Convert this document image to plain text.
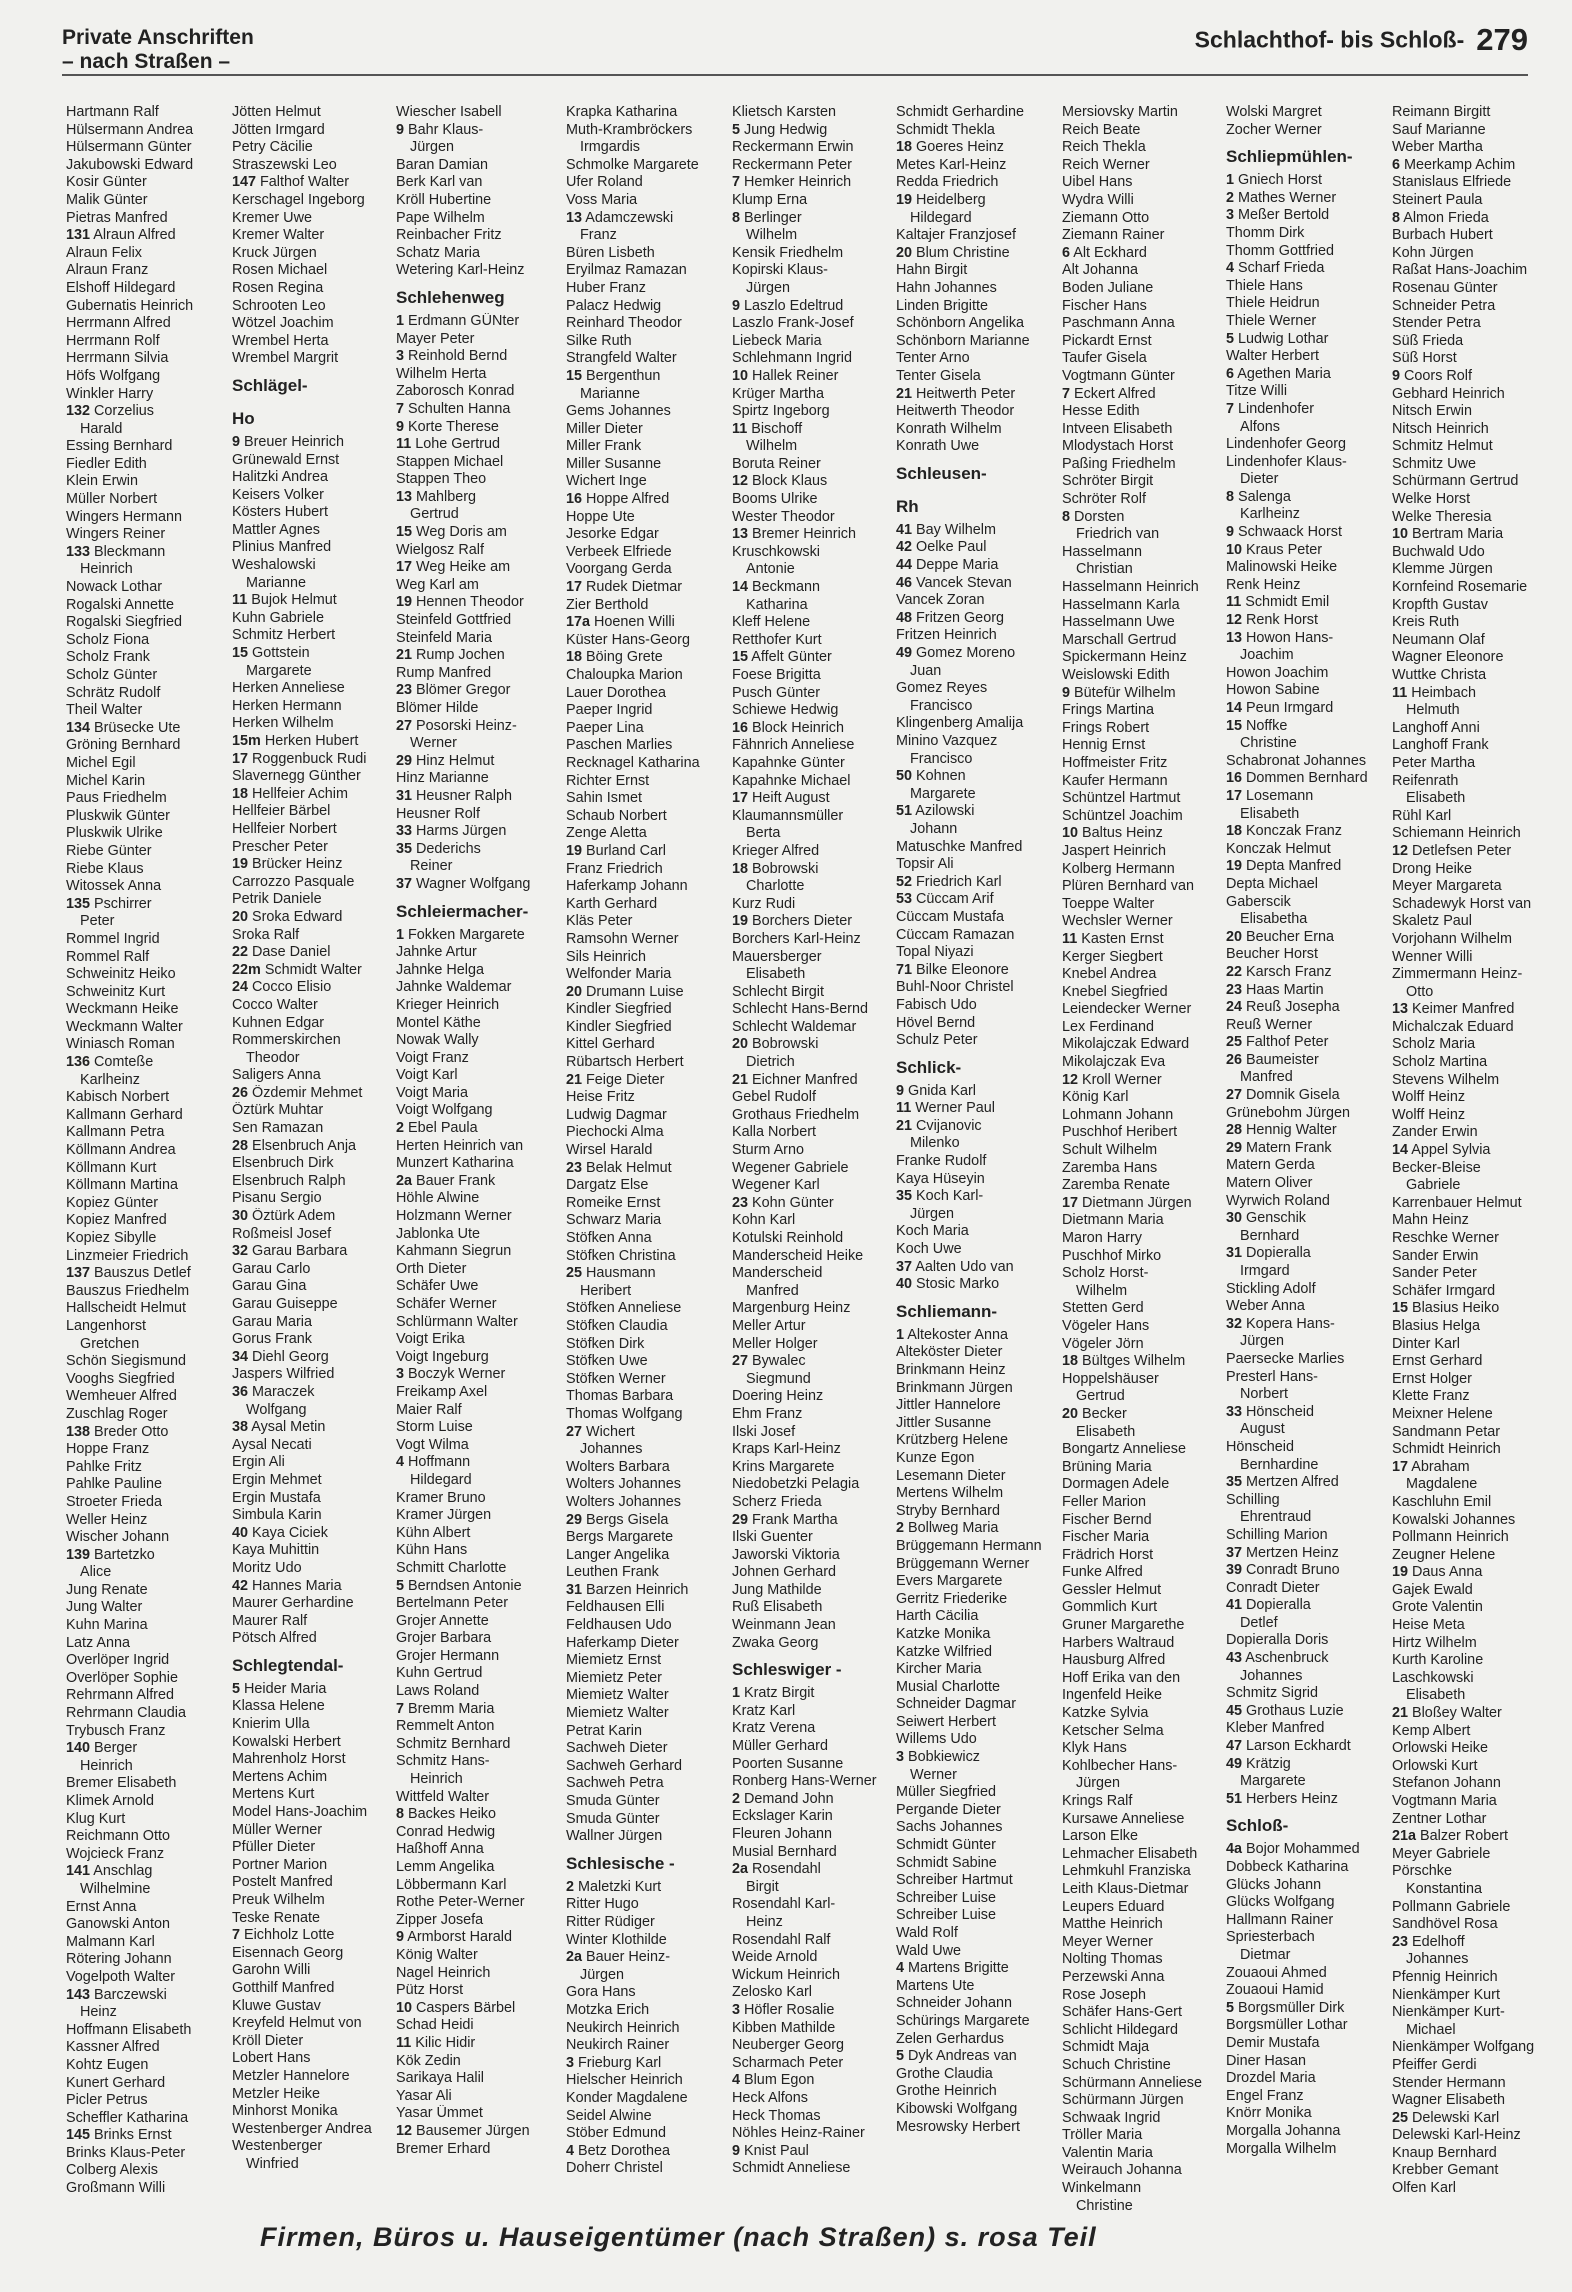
Private Anschriften
– nach Straßen –
Schlachthof- bis Schloß- 279
Hartmann Ralf
Hülsermann Andrea
Hülsermann Günter
Jakubowski Edward
Kosir Günter
Malik Günter
Pietras Manfred
131 Alraun Alfred
Alraun Felix
Alraun Franz
Elshoff Hildegard
Gubernatis Heinrich
Herrmann Alfred
Herrmann Rolf
Herrmann Silvia
Höfs Wolfgang
Winkler Harry
132 Corzelius
Harald
Essing Bernhard
Fiedler Edith
Klein Erwin
Müller Norbert
Wingers Hermann
Wingers Reiner
133 Bleckmann
Heinrich
Nowack Lothar
Rogalski Annette
Rogalski Siegfried
Scholz Fiona
Scholz Frank
Scholz Günter
Schrätz Rudolf
Theil Walter
134 Brüsecke Ute
Gröning Bernhard
Michel Egil
Michel Karin
Paus Friedhelm
Pluskwik Günter
Pluskwik Ulrike
Riebe Günter
Riebe Klaus
Witossek Anna
135 Pschirrer
Peter
Rommel Ingrid
Rommel Ralf
Schweinitz Heiko
Schweinitz Kurt
Weckmann Heike
Weckmann Walter
Winiasch Roman
136 Comteße
Karlheinz
Kabisch Norbert
Kallmann Gerhard
Kallmann Petra
Köllmann Andrea
Köllmann Kurt
Köllmann Martina
Kopiez Günter
Kopiez Manfred
Kopiez Sibylle
Linzmeier Friedrich
137 Bauszus Detlef
Bauszus Friedhelm
Hallscheidt Helmut
Langenhorst
Gretchen
Schön Siegismund
Vooghs Siegfried
Wemheuer Alfred
Zuschlag Roger
138 Breder Otto
Hoppe Franz
Pahlke Fritz
Pahlke Pauline
Stroeter Frieda
Weller Heinz
Wischer Johann
139 Bartetzko
Alice
Jung Renate
Jung Walter
Kuhn Marina
Latz Anna
Overlöper Ingrid
Overlöper Sophie
Rehrmann Alfred
Rehrmann Claudia
Trybusch Franz
140 Berger
Heinrich
Bremer Elisabeth
Klimek Arnold
Klug Kurt
Reichmann Otto
Wojcieck Franz
141 Anschlag
Wilhelmine
Ernst Anna
Ganowski Anton
Malmann Karl
Rötering Johann
Vogelpoth Walter
143 Barczewski
Heinz
Hoffmann Elisabeth
Kassner Alfred
Kohtz Eugen
Kunert Gerhard
Picler Petrus
Scheffler Katharina
145 Brinks Ernst
Brinks Klaus-Peter
Colberg Alexis
Großmann Willi
Jötten Helmut
Jötten Irmgard
Petry Cäcilie
Straszewski Leo
147 Falthof Walter
Kerschagel Ingeborg
Kremer Uwe
Kremer Walter
Kruck Jürgen
Rosen Michael
Rosen Regina
Schrooten Leo
Wötzel Joachim
Wrembel Herta
Wrembel Margrit
Schlägel-
Ho
9 Breuer Heinrich
Grünewald Ernst
Halitzki Andrea
Keisers Volker
Kösters Hubert
Mattler Agnes
Plinius Manfred
Weshalowski
Marianne
11 Bujok Helmut
Kuhn Gabriele
Schmitz Herbert
15 Gottstein
Margarete
Herken Anneliese
Herken Hermann
Herken Wilhelm
15m Herken Hubert
17 Roggenbuck Rudi
Slavernegg Günther
18 Hellfeier Achim
Hellfeier Bärbel
Hellfeier Norbert
Prescher Peter
19 Brücker Heinz
Carrozzo Pasquale
Petrik Daniele
20 Sroka Edward
Sroka Ralf
22 Dase Daniel
22m Schmidt Walter
24 Cocco Elisio
Cocco Walter
Kuhnen Edgar
Rommerskirchen
Theodor
Saligers Anna
26 Özdemir Mehmet
Öztürk Muhtar
Sen Ramazan
28 Elsenbruch Anja
Elsenbruch Dirk
Elsenbruch Ralph
Pisanu Sergio
30 Öztürk Adem
Roßmeisl Josef
32 Garau Barbara
Garau Carlo
Garau Gina
Garau Guiseppe
Garau Maria
Gorus Frank
34 Diehl Georg
Jaspers Wilfried
36 Maraczek
Wolfgang
38 Aysal Metin
Aysal Necati
Ergin Ali
Ergin Mehmet
Ergin Mustafa
Simbula Karin
40 Kaya Ciciek
Kaya Muhittin
Moritz Udo
42 Hannes Maria
Maurer Gerhardine
Maurer Ralf
Pötsch Alfred
Schlegtendal-
5 Heider Maria
Klassa Helene
Knierim Ulla
Kowalski Herbert
Mahrenholz Horst
Mertens Achim
Mertens Kurt
Model Hans-Joachim
Müller Werner
Pfüller Dieter
Portner Marion
Postelt Manfred
Preuk Wilhelm
Teske Renate
7 Eichholz Lotte
Eisennach Georg
Garohn Willi
Gotthilf Manfred
Kluwe Gustav
Kreyfeld Helmut von
Kröll Dieter
Lobert Hans
Metzler Hannelore
Metzler Heike
Minhorst Monika
Westenberger Andrea
Westenberger
Winfried
Wiescher Isabell
9 Bahr Klaus-
Jürgen
Baran Damian
Berk Karl van
Kröll Hubertine
Pape Wilhelm
Reinbacher Fritz
Schatz Maria
Wetering Karl-Heinz
Schlehenweg
1 Erdmann GÜNter
Mayer Peter
3 Reinhold Bernd
Wilhelm Herta
Zaborosch Konrad
7 Schulten Hanna
9 Korte Therese
11 Lohe Gertrud
Stappen Michael
Stappen Theo
13 Mahlberg
Gertrud
15 Weg Doris am
Wielgosz Ralf
17 Weg Heike am
Weg Karl am
19 Hennen Theodor
Steinfeld Gottfried
Steinfeld Maria
21 Rump Jochen
Rump Manfred
23 Blömer Gregor
Blömer Hilde
27 Posorski Heinz-
Werner
29 Hinz Helmut
Hinz Marianne
31 Heusner Ralph
Heusner Rolf
33 Harms Jürgen
35 Dederichs
Reiner
37 Wagner Wolfgang
Schleiermacher-
1 Fokken Margarete
Jahnke Artur
Jahnke Helga
Jahnke Waldemar
Krieger Heinrich
Montel Käthe
Nowak Wally
Voigt Franz
Voigt Karl
Voigt Maria
Voigt Wolfgang
2 Ebel Paula
Herten Heinrich van
Munzert Katharina
2a Bauer Frank
Höhle Alwine
Holzmann Werner
Jablonka Ute
Kahmann Siegrun
Orth Dieter
Schäfer Uwe
Schäfer Werner
Schlürmann Walter
Voigt Erika
Voigt Ingeburg
3 Boczyk Werner
Freikamp Axel
Maier Ralf
Storm Luise
Vogt Wilma
4 Hoffmann
Hildegard
Kramer Bruno
Kramer Jürgen
Kühn Albert
Kühn Hans
Schmitt Charlotte
5 Berndsen Antonie
Bertelmann Peter
Grojer Annette
Grojer Barbara
Grojer Hermann
Kuhn Gertrud
Laws Roland
7 Bremm Maria
Remmelt Anton
Schmitz Bernhard
Schmitz Hans-
Heinrich
Wittfeld Walter
8 Backes Heiko
Conrad Hedwig
Haßhoff Anna
Lemm Angelika
Löbbermann Karl
Rothe Peter-Werner
Zipper Josefa
9 Armborst Harald
König Walter
Nagel Heinrich
Pütz Horst
10 Caspers Bärbel
Schad Heidi
11 Kilic Hidir
Kök Zedin
Sarikaya Halil
Yasar Ali
Yasar Ümmet
12 Bausemer Jürgen
Bremer Erhard
Krapka Katharina
Muth-Krambröckers
Irmgardis
Schmolke Margarete
Ufer Roland
Voss Maria
13 Adamczewski
Franz
Büren Lisbeth
Eryilmaz Ramazan
Huber Franz
Palacz Hedwig
Reinhard Theodor
Silke Ruth
Strangfeld Walter
15 Bergenthun
Marianne
Gems Johannes
Miller Dieter
Miller Frank
Miller Susanne
Wichert Inge
16 Hoppe Alfred
Hoppe Ute
Jesorke Edgar
Verbeek Elfriede
Voorgang Gerda
17 Rudek Dietmar
Zier Berthold
17a Hoenen Willi
Küster Hans-Georg
18 Böing Grete
Chaloupka Marion
Lauer Dorothea
Paeper Ingrid
Paeper Lina
Paschen Marlies
Recknagel Katharina
Richter Ernst
Sahin Ismet
Schaub Norbert
Zenge Aletta
19 Burland Carl
Franz Friedrich
Haferkamp Johann
Karth Gerhard
Kläs Peter
Ramsohn Werner
Sils Heinrich
Welfonder Maria
20 Drumann Luise
Kindler Siegfried
Kindler Siegfried
Kittel Gerhard
Rübartsch Herbert
21 Feige Dieter
Heise Fritz
Ludwig Dagmar
Piechocki Alma
Wirsel Harald
23 Belak Helmut
Dargatz Else
Romeike Ernst
Schwarz Maria
Stöfken Anna
Stöfken Christina
25 Hausmann
Heribert
Stöfken Anneliese
Stöfken Claudia
Stöfken Dirk
Stöfken Uwe
Stöfken Werner
Thomas Barbara
Thomas Wolfgang
27 Wichert
Johannes
Wolters Barbara
Wolters Johannes
Wolters Johannes
29 Bergs Gisela
Bergs Margarete
Langer Angelika
Leuthen Frank
31 Barzen Heinrich
Feldhausen Elli
Feldhausen Udo
Haferkamp Dieter
Miemietz Ernst
Miemietz Peter
Miemietz Walter
Miemietz Walter
Petrat Karin
Sachweh Dieter
Sachweh Gerhard
Sachweh Petra
Smuda Günter
Smuda Günter
Wallner Jürgen
Schlesische -
2 Maletzki Kurt
Ritter Hugo
Ritter Rüdiger
Winter Klothilde
2a Bauer Heinz-
Jürgen
Gora Hans
Motzka Erich
Neukirch Heinrich
Neukirch Rainer
3 Frieburg Karl
Hielscher Heinrich
Konder Magdalene
Seidel Alwine
Stöber Edmund
4 Betz Dorothea
Doherr Christel
Klietsch Karsten
5 Jung Hedwig
Reckermann Erwin
Reckermann Peter
7 Hemker Heinrich
Klump Erna
8 Berlinger
Wilhelm
Kensik Friedhelm
Kopirski Klaus-
Jürgen
9 Laszlo Edeltrud
Laszlo Frank-Josef
Liebeck Maria
Schlehmann Ingrid
10 Hallek Reiner
Krüger Martha
Spirtz Ingeborg
11 Bischoff
Wilhelm
Boruta Reiner
12 Block Klaus
Booms Ulrike
Wester Theodor
13 Bremer Heinrich
Kruschkowski
Antonie
14 Beckmann
Katharina
Kleff Helene
Retthofer Kurt
15 Affelt Günter
Foese Brigitta
Pusch Günter
Schiewe Hedwig
16 Block Heinrich
Fähnrich Anneliese
Kapahnke Günter
Kapahnke Michael
17 Heift August
Klaumannsmüller
Berta
Krieger Alfred
18 Bobrowski
Charlotte
Kurz Rudi
19 Borchers Dieter
Borchers Karl-Heinz
Mauersberger
Elisabeth
Schlecht Birgit
Schlecht Hans-Bernd
Schlecht Waldemar
20 Bobrowski
Dietrich
21 Eichner Manfred
Gebel Rudolf
Grothaus Friedhelm
Kalla Norbert
Sturm Arno
Wegener Gabriele
Wegener Karl
23 Kohn Günter
Kohn Karl
Kotulski Reinhold
Manderscheid Heike
Manderscheid
Manfred
Margenburg Heinz
Meller Artur
Meller Holger
27 Bywalec
Siegmund
Doering Heinz
Ehm Franz
Ilski Josef
Kraps Karl-Heinz
Krins Margarete
Niedobetzki Pelagia
Scherz Frieda
29 Frank Martha
Ilski Guenter
Jaworski Viktoria
Johnen Gerhard
Jung Mathilde
Ruß Elisabeth
Weinmann Jean
Zwaka Georg
Schleswiger -
1 Kratz Birgit
Kratz Karl
Kratz Verena
Müller Gerhard
Poorten Susanne
Ronberg Hans-Werner
2 Demand John
Eckslager Karin
Fleuren Johann
Musial Bernhard
2a Rosendahl
Birgit
Rosendahl Karl-
Heinz
Rosendahl Ralf
Weide Arnold
Wickum Heinrich
Zelosko Karl
3 Höfler Rosalie
Kibben Mathilde
Neuberger Georg
Scharmach Peter
4 Blum Egon
Heck Alfons
Heck Thomas
Nöhles Heinz-Rainer
9 Knist Paul
Schmidt Anneliese
Schmidt Gerhardine
Schmidt Thekla
18 Goeres Heinz
Metes Karl-Heinz
Redda Friedrich
19 Heidelberg
Hildegard
Kaltajer Franzjosef
20 Blum Christine
Hahn Birgit
Hahn Johannes
Linden Brigitte
Schönborn Angelika
Schönborn Marianne
Tenter Arno
Tenter Gisela
21 Heitwerth Peter
Heitwerth Theodor
Konrath Wilhelm
Konrath Uwe
Schleusen-
Rh
41 Bay Wilhelm
42 Oelke Paul
44 Deppe Maria
46 Vancek Stevan
Vancek Zoran
48 Fritzen Georg
Fritzen Heinrich
49 Gomez Moreno
Juan
Gomez Reyes
Francisco
Klingenberg Amalija
Minino Vazquez
Francisco
50 Kohnen
Margarete
51 Azilowski
Johann
Matuschke Manfred
Topsir Ali
52 Friedrich Karl
53 Cüccam Arif
Cüccam Mustafa
Cüccam Ramazan
Topal Niyazi
71 Bilke Eleonore
Buhl-Noor Christel
Fabisch Udo
Hövel Bernd
Schulz Peter
Schlick-
9 Gnida Karl
11 Werner Paul
21 Cvijanovic
Milenko
Franke Rudolf
Kaya Hüseyin
35 Koch Karl-
Jürgen
Koch Maria
Koch Uwe
37 Aalten Udo van
40 Stosic Marko
Schliemann-
1 Altekoster Anna
Alteköster Dieter
Brinkmann Heinz
Brinkmann Jürgen
Jittler Hannelore
Jittler Susanne
Krützberg Helene
Kunze Egon
Lesemann Dieter
Mertens Wilhelm
Stryby Bernhard
2 Bollweg Maria
Brüggemann Hermann
Brüggemann Werner
Evers Margarete
Gerritz Friederike
Harth Cäcilia
Katzke Monika
Katzke Wilfried
Kircher Maria
Musial Charlotte
Schneider Dagmar
Seiwert Herbert
Willems Udo
3 Bobkiewicz
Werner
Müller Siegfried
Pergande Dieter
Sachs Johannes
Schmidt Günter
Schmidt Sabine
Schreiber Hartmut
Schreiber Luise
Schreiber Luise
Wald Rolf
Wald Uwe
4 Martens Brigitte
Martens Ute
Schneider Johann
Schürings Margarete
Zelen Gerhardus
5 Dyk Andreas van
Grothe Claudia
Grothe Heinrich
Kibowski Wolfgang
Mesrowsky Herbert
Mersiovsky Martin
Reich Beate
Reich Thekla
Reich Werner
Uibel Hans
Wydra Willi
Ziemann Otto
Ziemann Rainer
6 Alt Eckhard
Alt Johanna
Boden Juliane
Fischer Hans
Paschmann Anna
Pickardt Ernst
Taufer Gisela
Vogtmann Günter
7 Eckert Alfred
Hesse Edith
Intveen Elisabeth
Mlodystach Horst
Paßing Friedhelm
Schröter Birgit
Schröter Rolf
8 Dorsten
Friedrich van
Hasselmann
Christian
Hasselmann Heinrich
Hasselmann Karla
Hasselmann Uwe
Marschall Gertrud
Spickermann Heinz
Weislowski Edith
9 Bütefür Wilhelm
Frings Martina
Frings Robert
Hennig Ernst
Hoffmeister Fritz
Kaufer Hermann
Schüntzel Hartmut
Schüntzel Joachim
10 Baltus Heinz
Jaspert Heinrich
Kolberg Hermann
Plüren Bernhard van
Toeppe Walter
Wechsler Werner
11 Kasten Ernst
Kerger Siegbert
Knebel Andrea
Knebel Siegfried
Leiendecker Werner
Lex Ferdinand
Mikolajczak Edward
Mikolajczak Eva
12 Kroll Werner
König Karl
Lohmann Johann
Puschhof Heribert
Schult Wilhelm
Zaremba Hans
Zaremba Renate
17 Dietmann Jürgen
Dietmann Maria
Maron Harry
Puschhof Mirko
Scholz Horst-
Wilhelm
Stetten Gerd
Vögeler Hans
Vögeler Jörn
18 Bültges Wilhelm
Hoppelshäuser
Gertrud
20 Becker
Elisabeth
Bongartz Anneliese
Brüning Maria
Dormagen Adele
Feller Marion
Fischer Bernd
Fischer Maria
Frädrich Horst
Funke Alfred
Gessler Helmut
Gommlich Kurt
Gruner Margarethe
Harbers Waltraud
Hausburg Alfred
Hoff Erika van den
Ingenfeld Heike
Katzke Sylvia
Ketscher Selma
Klyk Hans
Kohlbecher Hans-
Jürgen
Krings Ralf
Kursawe Anneliese
Larson Elke
Lehmacher Elisabeth
Lehmkuhl Franziska
Leith Klaus-Dietmar
Leupers Eduard
Matthe Heinrich
Meyer Werner
Nolting Thomas
Perzewski Anna
Rose Joseph
Schäfer Hans-Gert
Schlicht Hildegard
Schmidt Maja
Schuch Christine
Schürmann Anneliese
Schürmann Jürgen
Schwaak Ingrid
Tröller Maria
Valentin Maria
Weirauch Johanna
Winkelmann
Christine
Wolski Margret
Zocher Werner
Schliepmühlen-
1 Gniech Horst
2 Mathes Werner
3 Meßer Bertold
Thomm Dirk
Thomm Gottfried
4 Scharf Frieda
Thiele Hans
Thiele Heidrun
Thiele Werner
5 Ludwig Lothar
Walter Herbert
6 Agethen Maria
Titze Willi
7 Lindenhofer
Alfons
Lindenhofer Georg
Lindenhofer Klaus-
Dieter
8 Salenga
Karlheinz
9 Schwaack Horst
10 Kraus Peter
Malinowski Heike
Renk Heinz
11 Schmidt Emil
12 Renk Horst
13 Howon Hans-
Joachim
Howon Joachim
Howon Sabine
14 Peun Irmgard
15 Noffke
Christine
Schabronat Johannes
16 Dommen Bernhard
17 Losemann
Elisabeth
18 Konczak Franz
Konczak Helmut
19 Depta Manfred
Depta Michael
Gaberscik
Elisabetha
20 Beucher Erna
Beucher Horst
22 Karsch Franz
23 Haas Martin
24 Reuß Josepha
Reuß Werner
25 Falthof Peter
26 Baumeister
Manfred
27 Domnik Gisela
Grünebohm Jürgen
28 Hennig Walter
29 Matern Frank
Matern Gerda
Matern Oliver
Wyrwich Roland
30 Genschik
Bernhard
31 Dopieralla
Irmgard
Stickling Adolf
Weber Anna
32 Kopera Hans-
Jürgen
Paersecke Marlies
Presterl Hans-
Norbert
33 Hönscheid
August
Hönscheid
Bernhardine
35 Mertzen Alfred
Schilling
Ehrentraud
Schilling Marion
37 Mertzen Heinz
39 Conradt Bruno
Conradt Dieter
41 Dopieralla
Detlef
Dopieralla Doris
43 Aschenbruck
Johannes
Schmitz Sigrid
45 Grothaus Luzie
Kleber Manfred
47 Larson Eckhardt
49 Krätzig
Margarete
51 Herbers Heinz
Schloß-
4a Bojor Mohammed
Dobbeck Katharina
Glücks Johann
Glücks Wolfgang
Hallmann Rainer
Spriesterbach
Dietmar
Zouaoui Ahmed
Zouaoui Hamid
5 Borgsmüller Dirk
Borgsmüller Lothar
Demir Mustafa
Diner Hasan
Drozdel Maria
Engel Franz
Knörr Monika
Morgalla Johanna
Morgalla Wilhelm
Reimann Birgitt
Sauf Marianne
Weber Martha
6 Meerkamp Achim
Stanislaus Elfriede
Steinert Paula
8 Almon Frieda
Burbach Hubert
Kohn Jürgen
Raßat Hans-Joachim
Rosenau Günter
Schneider Petra
Stender Petra
Süß Frieda
Süß Horst
9 Coors Rolf
Gebhard Heinrich
Nitsch Erwin
Nitsch Heinrich
Schmitz Helmut
Schmitz Uwe
Schürmann Gertrud
Welke Horst
Welke Theresia
10 Bertram Maria
Buchwald Udo
Klemme Jürgen
Kornfeind Rosemarie
Kropfth Gustav
Kreis Ruth
Neumann Olaf
Wagner Eleonore
Wuttke Christa
11 Heimbach
Helmuth
Langhoff Anni
Langhoff Frank
Peter Martha
Reifenrath
Elisabeth
Rühl Karl
Schiemann Heinrich
12 Detlefsen Peter
Drong Heike
Meyer Margareta
Schadewyk Horst van
Skaletz Paul
Vorjohann Wilhelm
Wenner Willi
Zimmermann Heinz-
Otto
13 Keimer Manfred
Michalczak Eduard
Scholz Maria
Scholz Martina
Stevens Wilhelm
Wolff Heinz
Wolff Heinz
Zander Erwin
14 Appel Sylvia
Becker-Bleise
Gabriele
Karrenbauer Helmut
Mahn Heinz
Reschke Werner
Sander Erwin
Sander Peter
Schäfer Irmgard
15 Blasius Heiko
Blasius Helga
Dinter Karl
Ernst Gerhard
Ernst Holger
Klette Franz
Meixner Helene
Sandmann Petar
Schmidt Heinrich
17 Abraham
Magdalene
Kaschluhn Emil
Kowalski Johannes
Pollmann Heinrich
Zeugner Helene
19 Daus Anna
Gajek Ewald
Grote Valentin
Heise Meta
Hirtz Wilhelm
Kurth Karoline
Laschkowski
Elisabeth
21 Bloßey Walter
Kemp Albert
Orlowski Heike
Orlowski Kurt
Stefanon Johann
Vogtmann Maria
Zentner Lothar
21a Balzer Robert
Meyer Gabriele
Pörschke
Konstantina
Pollmann Gabriele
Sandhövel Rosa
23 Edelhoff
Johannes
Pfennig Heinrich
Nienkämper Kurt
Nienkämper Kurt-
Michael
Nienkämper Wolfgang
Pfeiffer Gerdi
Stender Hermann
Wagner Elisabeth
25 Delewski Karl
Delewski Karl-Heinz
Knaup Bernhard
Krebber Gemant
Olfen Karl
Firmen, Büros u. Hauseigentümer (nach Straßen) s. rosa Teil
